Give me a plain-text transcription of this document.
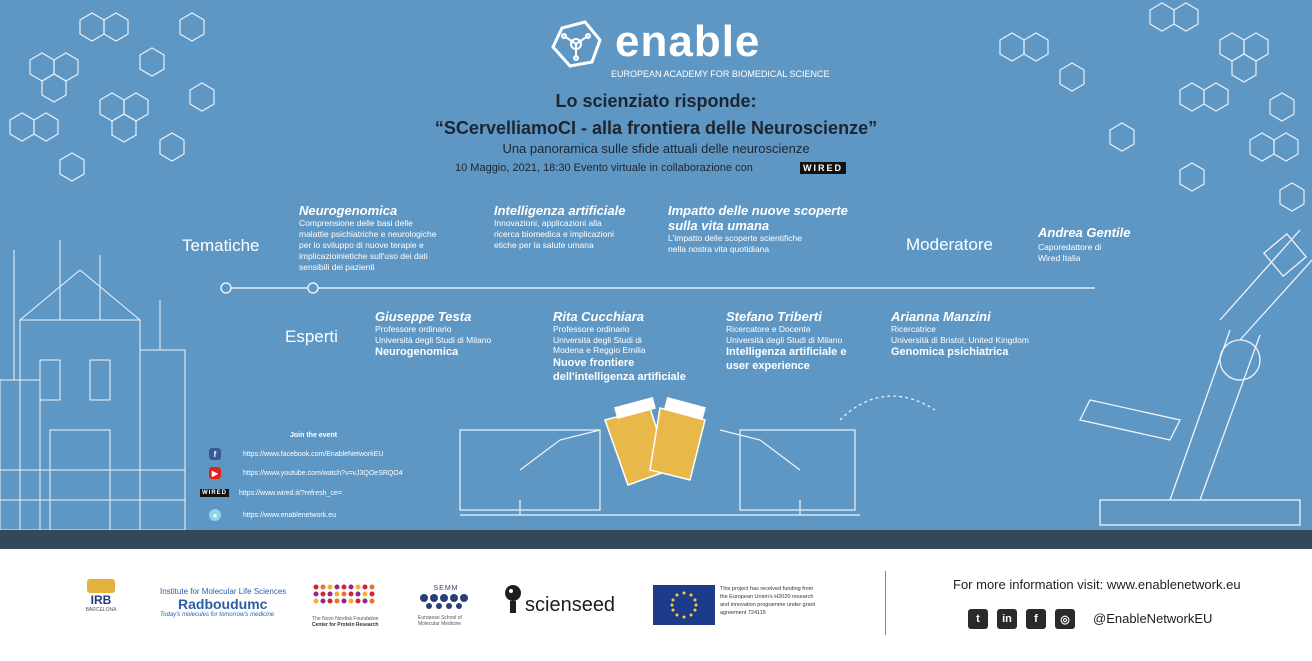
enable
EUROPEAN ACADEMY FOR BIOMEDICAL SCIENCE
Lo scienziato risponde:
“SCervelliamoCI - alla frontiera delle Neuroscienze”
Una panoramica sulle sfide attuali delle neuroscienze
10 Maggio, 2021, 18:30 Evento virtuale in collaborazione con	WIRED
Tematiche
Neurogenomica
Comprensione delle basi delle
malattie psichiatriche e neurologiche
per lo sviluppo di nuove terapie e
implicazioinietiche sull'uso dei dati
sensibili dei pazienti
Intelligenza artificiale
Innovazioni, applicazioni alla
ricerca biomedica e implicazioni
etiche per la salute umana
Impatto delle nuove scoperte
sulla vita umana
L'impatto delle scoperte scientifiche
nella nostra vita quotidiana	Moderatore
Andrea Gentile
Caporedattore di
Wired Italia
Esperti
Giuseppe Testa
Professore ordinario
Università degli Studi di Milano
Neurogenomica
Rita Cucchiara
Professore ordinario
Università degli Studi di
Modena e Reggio Emilia
Nuove frontiere
dell'intelligenza artificiale
Stefano Triberti
Ricercatore e Docente
Università degli Studi di Milano
Intelligenza artificiale e
user experience
Arianna Manzini
Ricercatrice
Università di Bristol, United Kingdom
Genomica psichiatrica
Join the event
f	https://www.facebook.com/EnableNetworkEU
▶	https://www.youtube.com/watch?v=vJ3QOeSRQO4
WIRED https://www.wired.it/?refresh_ce=
●	https://www.enablenetwork.eu
IRB
BARCELONA
Institute for Molecular Life Sciences
Radboudumc
Today's molecules for tomorrow's medicine
The Novo Nordisk Foundation
Center for Protein Research
SEMM
European School of
Molecular Medicine
scienseed
This project has received funding from
the European Union's H2020 research
and innovation programme under grant
agreement 724115
For more information visit: www.enablenetwork.eu
t	in	f	◎	@EnableNetworkEU
